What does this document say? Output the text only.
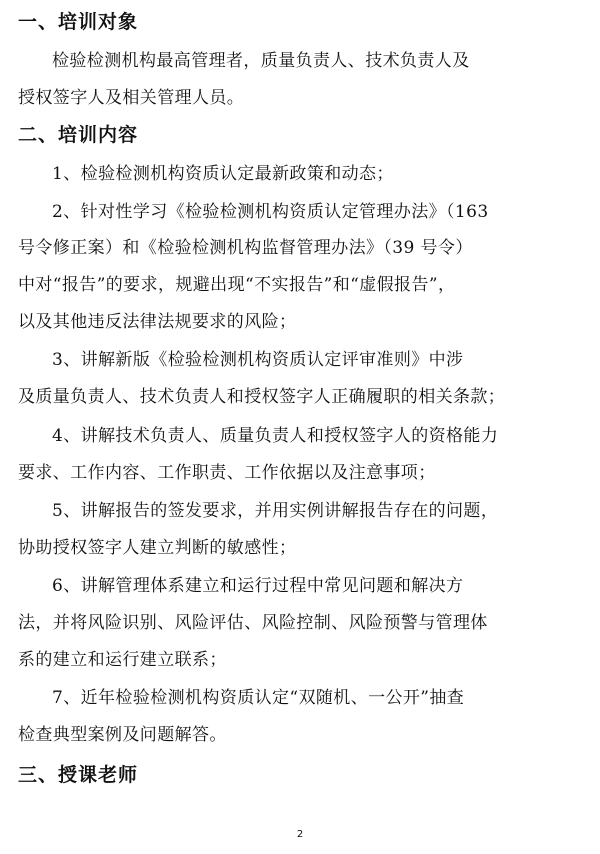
一、培训对象
检验检测机构最高管理者，质量负责人、技术负责人及
授权签字人及相关管理人员。
二、培训内容
1、检验检测机构资质认定最新政策和动态；
2、针对性学习《检验检测机构资质认定管理办法》（163
号令修正案）和《检验检测机构监督管理办法》（39 号令）
中对“报告”的要求，规避出现“不实报告”和“虚假报告”，
以及其他违反法律法规要求的风险；
3、讲解新版《检验检测机构资质认定评审准则》中涉
及质量负责人、技术负责人和授权签字人正确履职的相关条款；
4、讲解技术负责人、质量负责人和授权签字人的资格能力
要求、工作内容、工作职责、工作依据以及注意事项；
5、讲解报告的签发要求，并用实例讲解报告存在的问题，
协助授权签字人建立判断的敏感性；
6、讲解管理体系建立和运行过程中常见问题和解决方
法，并将风险识别、风险评估、风险控制、风险预警与管理体
系的建立和运行建立联系；
7、近年检验检测机构资质认定“双随机、一公开”抽查
检查典型案例及问题解答。
三、授课老师
2
